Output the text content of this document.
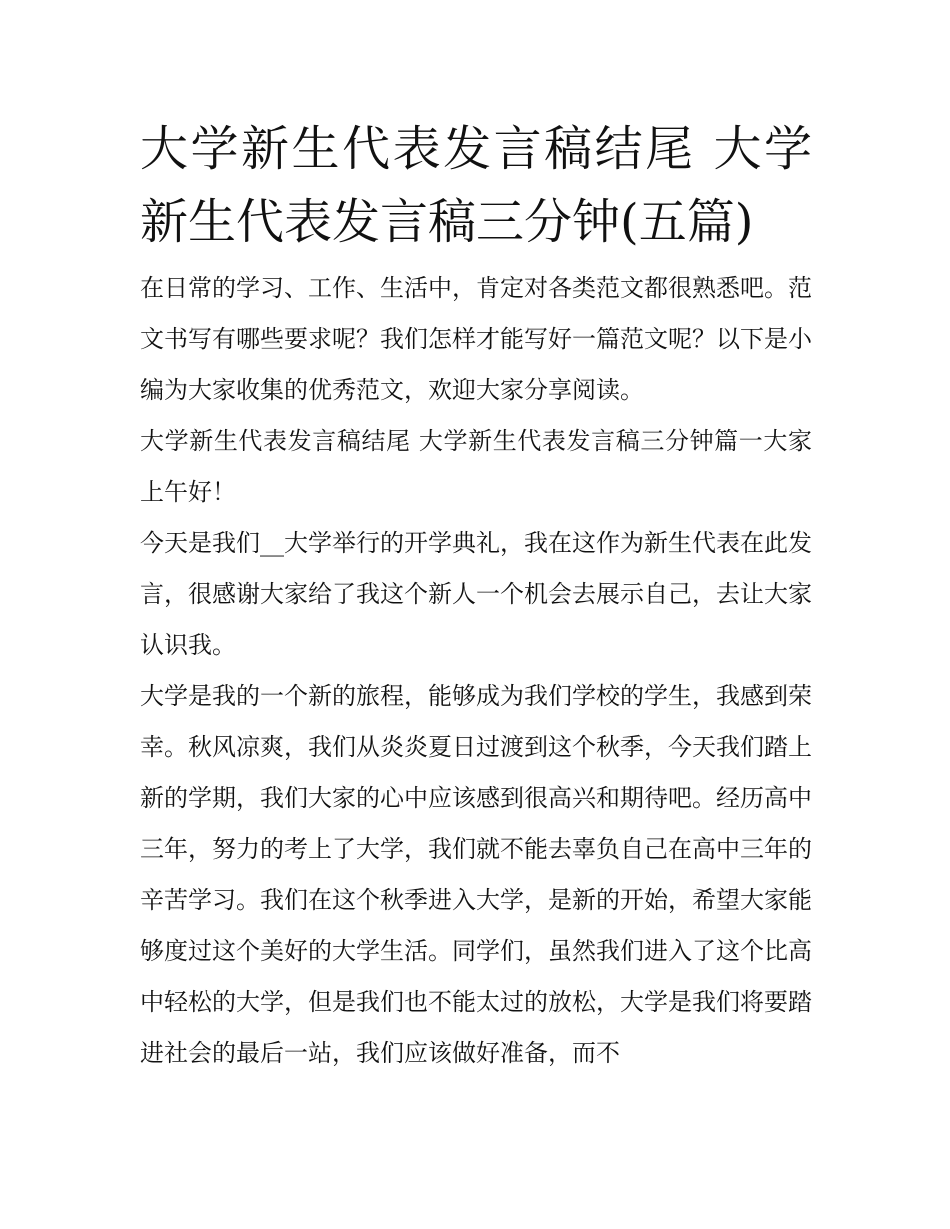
大学新生代表发言稿结尾 大学新生代表发言稿三分钟(五篇)

在日常的学习、工作、生活中，肯定对各类范文都很熟悉吧。范文书写有哪些要求呢？我们怎样才能写好一篇范文呢？以下是小编为大家收集的优秀范文，欢迎大家分享阅读。

大学新生代表发言稿结尾 大学新生代表发言稿三分钟篇一大家上午好！

今天是我们__大学举行的开学典礼，我在这作为新生代表在此发言，很感谢大家给了我这个新人一个机会去展示自己，去让大家认识我。

大学是我的一个新的旅程，能够成为我们学校的学生，我感到荣幸。秋风凉爽，我们从炎炎夏日过渡到这个秋季，今天我们踏上新的学期，我们大家的心中应该感到很高兴和期待吧。经历高中三年，努力的考上了大学，我们就不能去辜负自己在高中三年的辛苦学习。我们在这个秋季进入大学，是新的开始，希望大家能够度过这个美好的大学生活。同学们，虽然我们进入了这个比高中轻松的大学，但是我们也不能太过的放松，大学是我们将要踏进社会的最后一站，我们应该做好准备，而不
